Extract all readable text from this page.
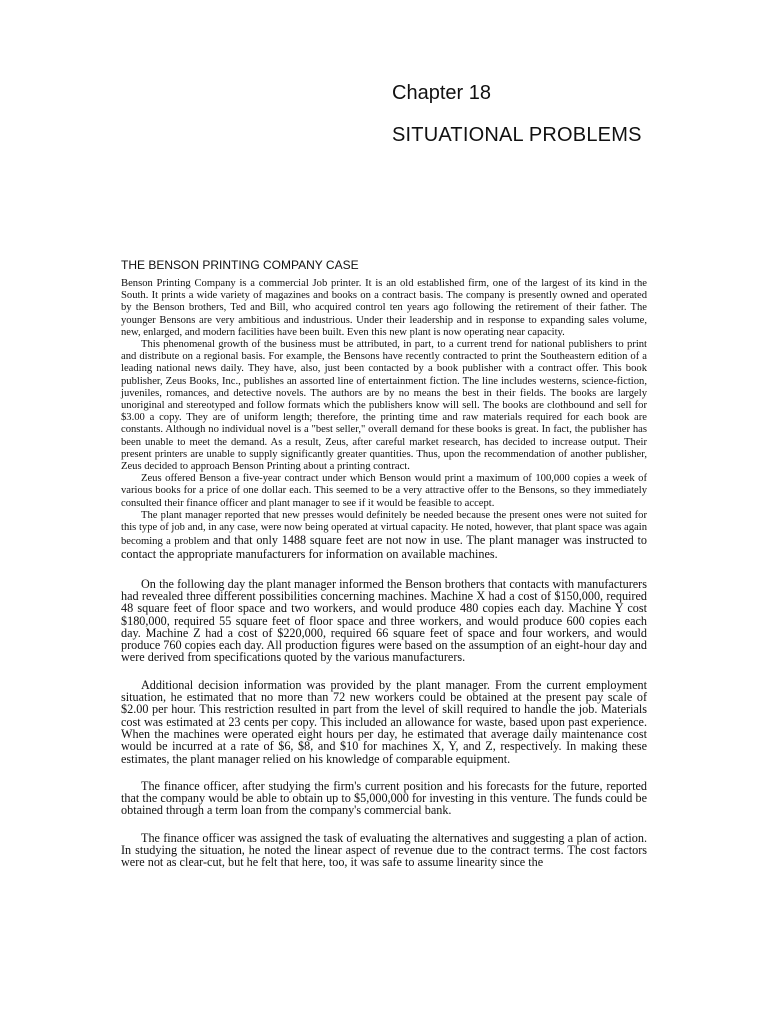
Chapter 18
SITUATIONAL PROBLEMS
THE BENSON PRINTING COMPANY CASE

Benson Printing Company is a commercial Job printer. It is an old established firm, one of the largest of its kind in the South. It prints a wide variety of magazines and books on a contract basis. The company is presently owned and operated by the Benson brothers, Ted and Bill, who acquired control ten years ago following the retirement of their father. The younger Bensons are very ambitious and industrious. Under their leadership and in response to expanding sales volume, new, enlarged, and modern facilities have been built. Even this new plant is now operating near capacity.

This phenomenal growth of the business must be attributed, in part, to a current trend for national publishers to print and distribute on a regional basis. For example, the Bensons have recently contracted to print the Southeastern edition of a leading national news daily. They have, also, just been contacted by a book publisher with a contract offer. This book publisher, Zeus Books, Inc., publishes an assorted line of entertainment fiction. The line includes westerns, science-fiction, juveniles, romances, and detective novels. The authors are by no means the best in their fields. The books are largely unoriginal and stereotyped and follow formats which the publishers know will sell. The books are clothbound and sell for $3.00 a copy. They are of uniform length; therefore, the printing time and raw materials required for each book are constants. Although no individual novel is a "best seller," overall demand for these books is great. In fact, the publisher has been unable to meet the demand. As a result, Zeus, after careful market research, has decided to increase output. Their present printers are unable to supply significantly greater quantities. Thus, upon the recommendation of another publisher, Zeus decided to approach Benson Printing about a printing contract.

Zeus offered Benson a five-year contract under which Benson would print a maximum of 100,000 copies a week of various books for a price of one dollar each. This seemed to be a very attractive offer to the Bensons, so they immediately consulted their finance officer and plant manager to see if it would be feasible to accept.

The plant manager reported that new presses would definitely be needed because the present ones were not suited for this type of job and, in any case, were now being operated at virtual capacity. He noted, however, that plant space was again becoming a problem and that only 1488 square feet are not now in use. The plant manager was instructed to contact the appropriate manufacturers for information on available machines.

On the following day the plant manager informed the Benson brothers that contacts with manufacturers had revealed three different possibilities concerning machines. Machine X had a cost of $150,000, required 48 square feet of floor space and two workers, and would produce 480 copies each day. Machine Y cost $180,000, required 55 square feet of floor space and three workers, and would produce 600 copies each day. Machine Z had a cost of $220,000, required 66 square feet of space and four workers, and would produce 760 copies each day. All production figures were based on the assumption of an eight-hour day and were derived from specifications quoted by the various manufacturers.

Additional decision information was provided by the plant manager. From the current employment situation, he estimated that no more than 72 new workers could be obtained at the present pay scale of $2.00 per hour. This restriction resulted in part from the level of skill required to handle the job. Materials cost was estimated at 23 cents per copy. This included an allowance for waste, based upon past experience. When the machines were operated eight hours per day, he estimated that average daily maintenance cost would be incurred at a rate of $6, $8, and $10 for machines X, Y, and Z, respectively. In making these estimates, the plant manager relied on his knowledge of comparable equipment.

The finance officer, after studying the firm's current position and his forecasts for the future, reported that the company would be able to obtain up to $5,000,000 for investing in this venture. The funds could be obtained through a term loan from the company's commercial bank.

The finance officer was assigned the task of evaluating the alternatives and suggesting a plan of action. In studying the situation, he noted the linear aspect of revenue due to the contract terms. The cost factors were not as clear-cut, but he felt that here, too, it was safe to assume linearity since the
